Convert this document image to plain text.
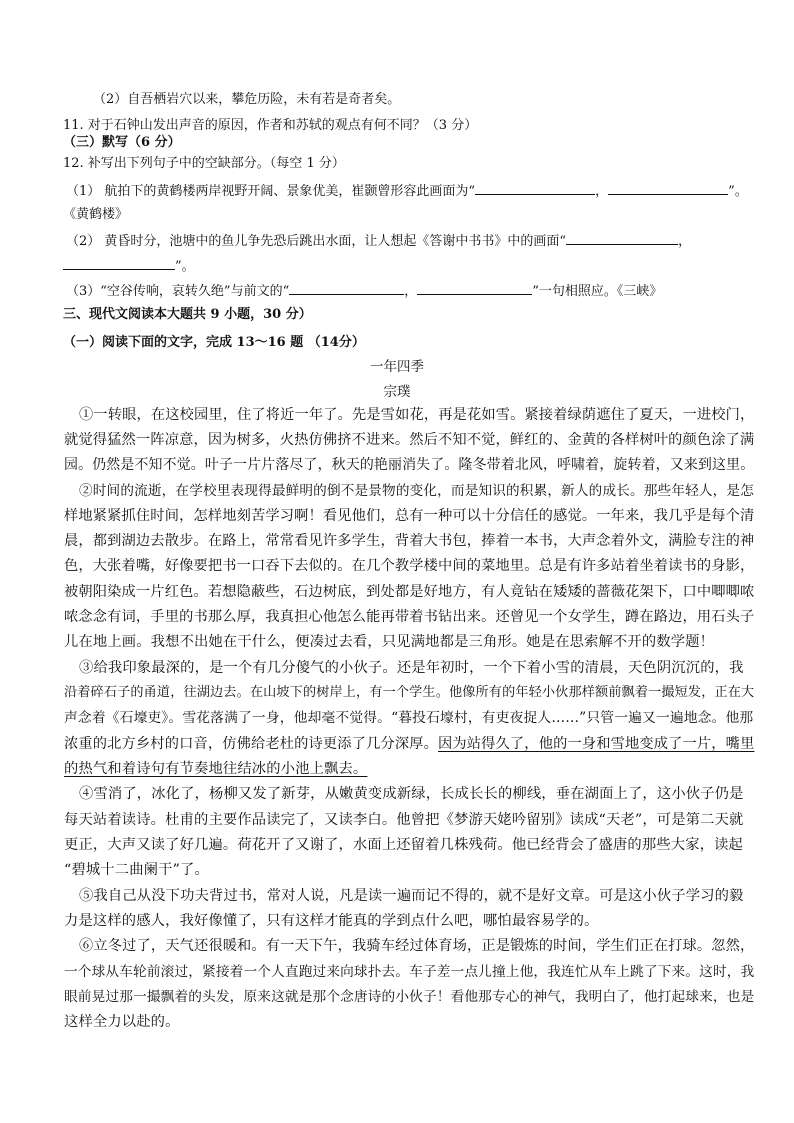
（2）自吾栖岩穴以来，攀危历险，未有若是奇者矣。
11. 对于石钟山发出声音的原因，作者和苏轼的观点有何不同？（3 分）
（三）默写（6 分）
12. 补写出下列句子中的空缺部分。（每空 1 分）
（1） 航拍下的黄鹤楼两岸视野开阔、景象优美，崔颢曾形容此画面为“	，	”。
《黄鹤楼》
（2） 黄昏时分，池塘中的鱼儿争先恐后跳出水面，让人想起《答谢中书书》中的画面“	，
”。
（3）“空谷传响，哀转久绝”与前文的“	，	”一句相照应。《三峡》
三、现代文阅读本大题共 9 小题，30 分）
（一）阅读下面的文字，完成 13～16 题 （14分）
一年四季
宗璞
①一转眼，在这校园里，住了将近一年了。先是雪如花，再是花如雪。紧接着绿荫遮住了夏天，一进校门，
就觉得猛然一阵凉意，因为树多，火热仿佛挤不进来。然后不知不觉，鲜红的、金黄的各样树叶的颜色涂了满
园。仍然是不知不觉。叶子一片片落尽了，秋天的艳丽消失了。隆冬带着北风，呼啸着，旋转着，又来到这里。
②时间的流逝，在学校里表现得最鲜明的倒不是景物的变化，而是知识的积累，新人的成长。那些年轻人，是怎
样地紧紧抓住时间，怎样地刻苦学习啊！看见他们，总有一种可以十分信任的感觉。一年来，我几乎是每个清
晨，都到湖边去散步。在路上，常常看见许多学生，背着大书包，捧着一本书，大声念着外文，满脸专注的神
色，大张着嘴，好像要把书一口吞下去似的。在几个教学楼中间的菜地里。总是有许多站着坐着读书的身影，
被朝阳染成一片红色。若想隐蔽些，石边树底，到处都是好地方，有人竟钻在矮矮的蔷薇花架下，口中唧唧哝
哝念念有词，手里的书那么厚，我真担心他怎么能再带着书钻出来。还曾见一个女学生，蹲在路边，用石头子
儿在地上画。我想不出她在干什么，便凑过去看，只见满地都是三角形。她是在思索解不开的数学题！
③给我印象最深的，是一个有几分傻气的小伙子。还是年初时，一个下着小雪的清晨，天色阴沉沉的，我
沿着碎石子的甬道，往湖边去。在山坡下的树岸上，有一个学生。他像所有的年轻小伙那样额前飘着一撮短发，正在大
声念着《石壕吏》。雪花落满了一身，他却毫不觉得。“暮投石壕村，有吏夜捉人……”只管一遍又一遍地念。他那
浓重的北方乡村的口音，仿佛给老杜的诗更添了几分深厚。因为站得久了，他的一身和雪地变成了一片，嘴里
的热气和着诗句有节奏地往结冰的小池上飘去。
④雪消了，冰化了，杨柳又发了新芽，从嫩黄变成新绿，长成长长的柳线，垂在湖面上了，这小伙子仍是
每天站着读诗。杜甫的主要作品读完了，又读李白。他曾把《梦游天姥吟留别》读成“天老”，可是第二天就
更正，大声又读了好几遍。荷花开了又谢了，水面上还留着几株残荷。他已经背会了盛唐的那些大家，读起
“碧城十二曲阑干”了。
⑤我自己从没下功夫背过书，常对人说，凡是读一遍而记不得的，就不是好文章。可是这小伙子学习的毅
力是这样的感人，我好像懂了，只有这样才能真的学到点什么吧，哪怕最容易学的。
⑥立冬过了，天气还很暖和。有一天下午，我骑车经过体育场，正是锻炼的时间，学生们正在打球。忽然，
一个球从车轮前滚过，紧接着一个人直跑过来向球扑去。车子差一点儿撞上他，我连忙从车上跳了下来。这时，我
眼前晃过那一撮飘着的头发，原来这就是那个念唐诗的小伙子！看他那专心的神气，我明白了，他打起球来，也是
这样全力以赴的。
